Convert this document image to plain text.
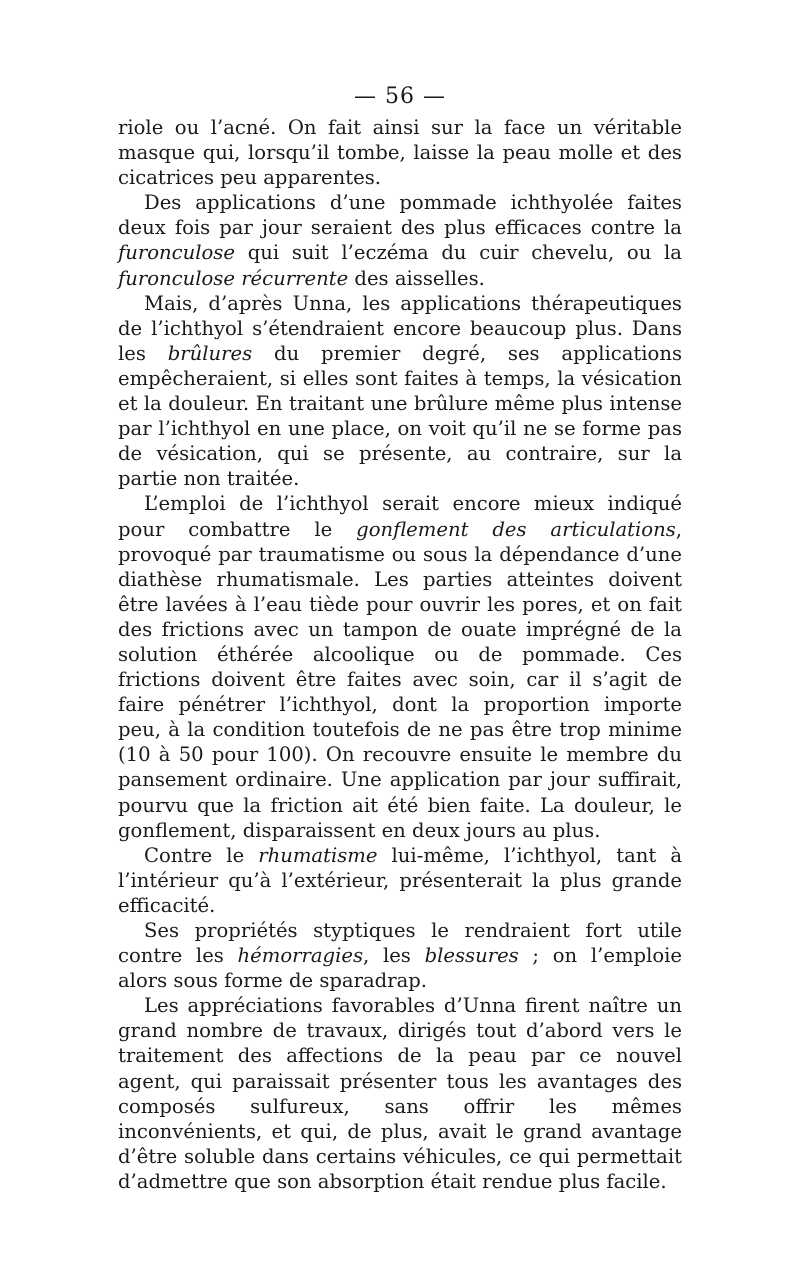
— 56 —

riole ou l’acné. On fait ainsi sur la face un véritable masque qui, lorsqu’il tombe, laisse la peau molle et des cicatrices peu apparentes.

Des applications d’une pommade ichthyolée faites deux fois par jour seraient des plus efficaces contre la furonculose qui suit l’eczéma du cuir chevelu, ou la furonculose récurrente des aisselles.

Mais, d’après Unna, les applications thérapeutiques de l’ichthyol s’étendraient encore beaucoup plus. Dans les brûlures du premier degré, ses applications empêcheraient, si elles sont faites à temps, la vésication et la douleur. En traitant une brûlure même plus intense par l’ichthyol en une place, on voit qu’il ne se forme pas de vésication, qui se présente, au contraire, sur la partie non traitée.

L’emploi de l’ichthyol serait encore mieux indiqué pour combattre le gonflement des articulations, provoqué par traumatisme ou sous la dépendance d’une diathèse rhumatismale. Les parties atteintes doivent être lavées à l’eau tiède pour ouvrir les pores, et on fait des frictions avec un tampon de ouate imprégné de la solution éthérée alcoolique ou de pommade. Ces frictions doivent être faites avec soin, car il s’agit de faire pénétrer l’ichthyol, dont la proportion importe peu, à la condition toutefois de ne pas être trop minime (10 à 50 pour 100). On recouvre ensuite le membre du pansement ordinaire. Une application par jour suffirait, pourvu que la friction ait été bien faite. La douleur, le gonflement, disparaissent en deux jours au plus.

Contre le rhumatisme lui-même, l’ichthyol, tant à l’intérieur qu’à l’extérieur, présenterait la plus grande efficacité.

Ses propriétés styptiques le rendraient fort utile contre les hémorragies, les blessures ; on l’emploie alors sous forme de sparadrap.

Les appréciations favorables d’Unna firent naître un grand nombre de travaux, dirigés tout d’abord vers le traitement des affections de la peau par ce nouvel agent, qui paraissait présenter tous les avantages des composés sulfureux, sans offrir les mêmes inconvénients, et qui, de plus, avait le grand avantage d’être soluble dans certains véhicules, ce qui permettait d’admettre que son absorption était rendue plus facile.
